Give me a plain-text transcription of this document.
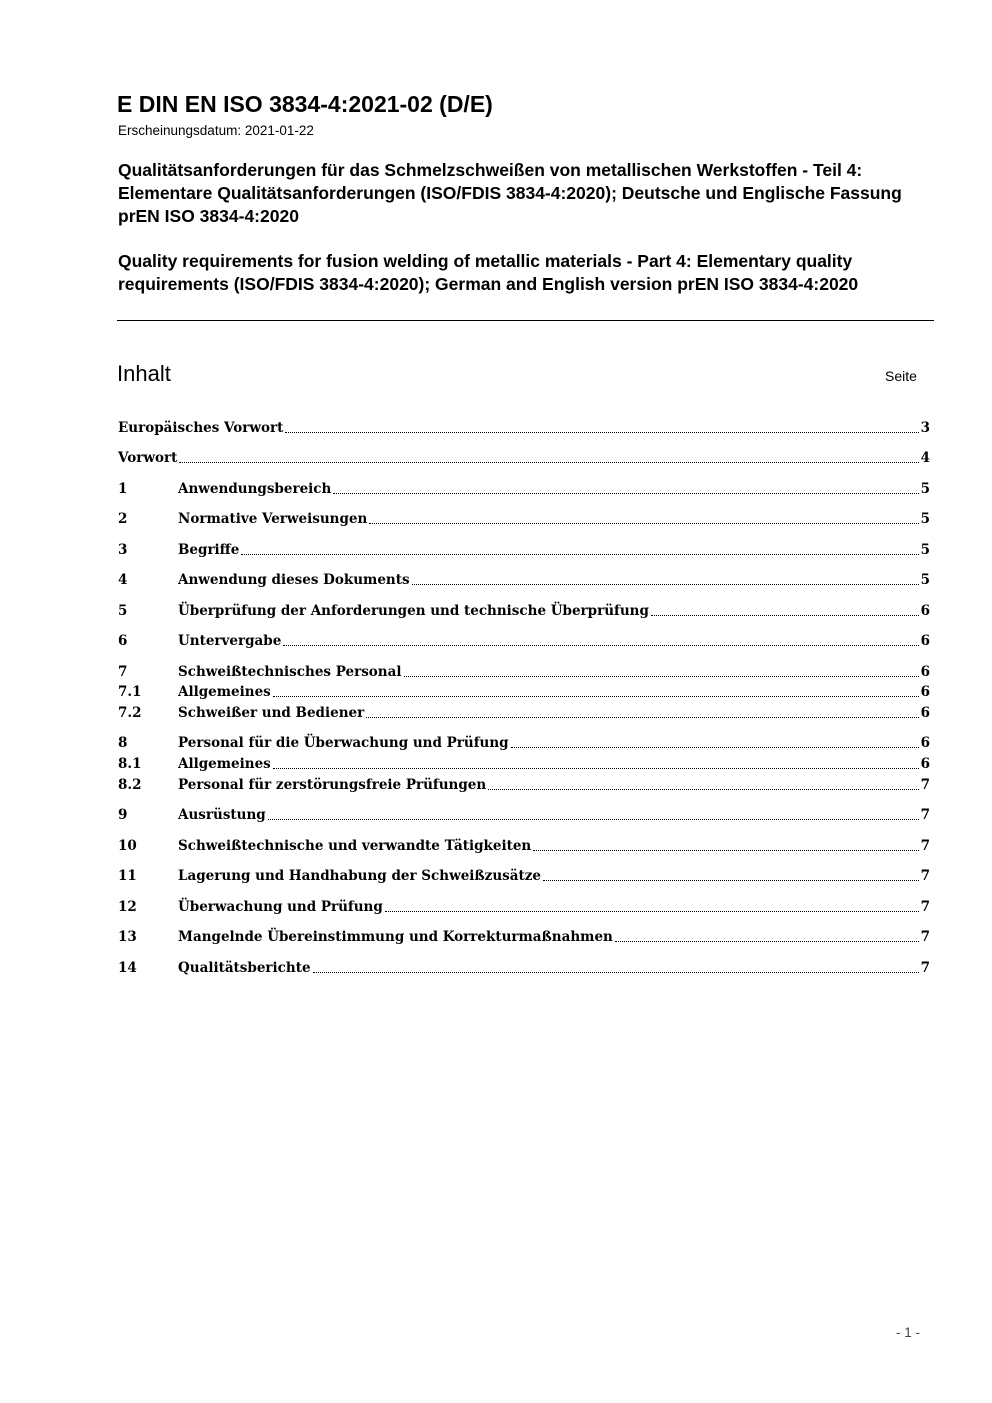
E DIN EN ISO 3834-4:2021-02 (D/E)
Erscheinungsdatum: 2021-01-22
Qualitätsanforderungen für das Schmelzschweißen von metallischen Werkstoffen - Teil 4: Elementare Qualitätsanforderungen (ISO/FDIS 3834-4:2020); Deutsche und Englische Fassung prEN ISO 3834-4:2020
Quality requirements for fusion welding of metallic materials - Part 4: Elementary quality requirements (ISO/FDIS 3834-4:2020); German and English version prEN ISO 3834-4:2020
Inhalt	Seite
Europäisches Vorwort	3
Vorwort	4
1	Anwendungsbereich	5
2	Normative Verweisungen	5
3	Begriffe	5
4	Anwendung dieses Dokuments	5
5	Überprüfung der Anforderungen und technische Überprüfung	6
6	Untervergabe	6
7	Schweißtechnisches Personal	6
7.1	Allgemeines	6
7.2	Schweißer und Bediener	6
8	Personal für die Überwachung und Prüfung	6
8.1	Allgemeines	6
8.2	Personal für zerstörungsfreie Prüfungen	7
9	Ausrüstung	7
10	Schweißtechnische und verwandte Tätigkeiten	7
11	Lagerung und Handhabung der Schweißzusätze	7
12	Überwachung und Prüfung	7
13	Mangelnde Übereinstimmung und Korrekturmaßnahmen	7
14	Qualitätsberichte	7
- 1 -
